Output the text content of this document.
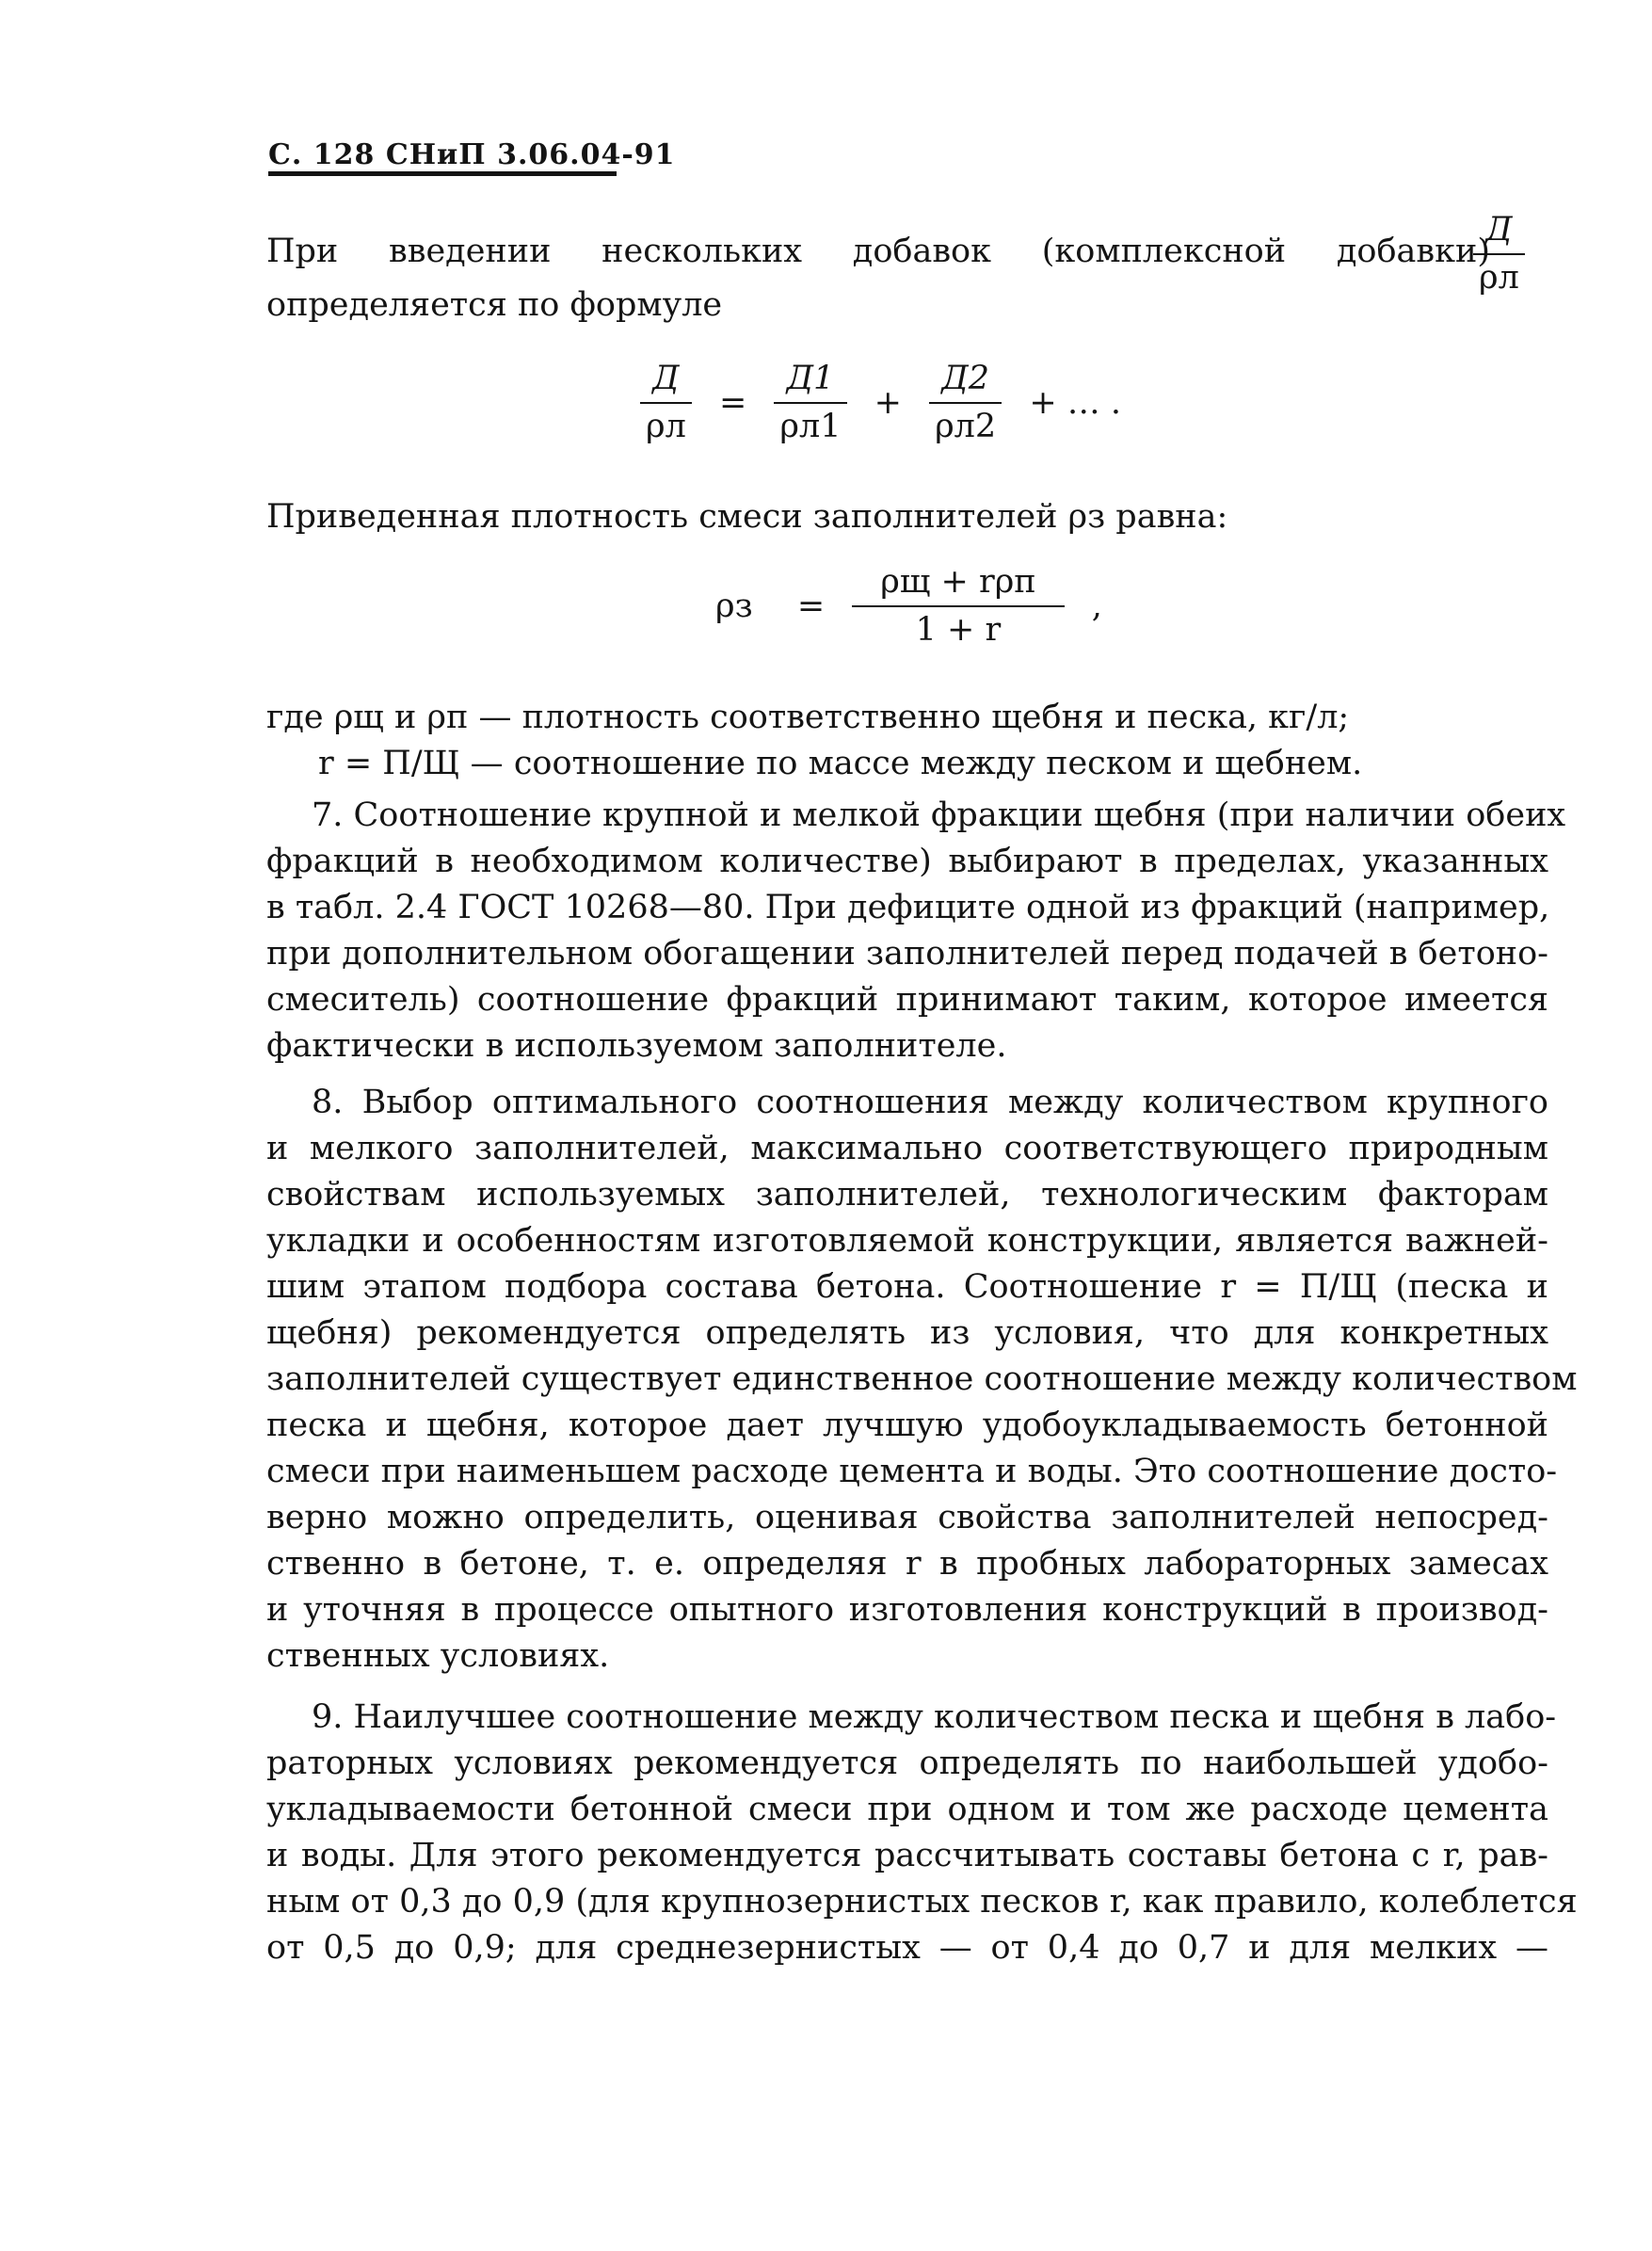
С. 128 СНиП 3.06.04-91
При введении нескольких добавок (комплексной добавки)
$\frac{Д}{\rho л}$
определяется по формуле
$\frac{Д}{\rho л} = \frac{Д1}{\rho л1} + \frac{Д2}{\rho л2}$ + … .
Приведенная плотность смеси заполнителей ρз равна:
$\rho з = \frac{\text{ρщ + rρп}}{1 + r}$ ,
где ρщ и ρп — плотность соответственно щебня и песка, кг/л;
r = П/Щ — соотношение по массе между песком и щебнем.
7. Соотношение крупной и мелкой фракции щебня (при наличии обеих
фракций в необходимом количестве) выбирают в пределах, указанных
в табл. 2.4 ГОСТ 10268—80. При дефиците одной из фракций (например,
при дополнительном обогащении заполнителей перед подачей в бетоно-
смеситель) соотношение фракций принимают таким, которое имеется
фактически в используемом заполнителе.
8. Выбор оптимального соотношения между количеством крупного
и мелкого заполнителей, максимально соответствующего природным
свойствам используемых заполнителей, технологическим факторам
укладки и особенностям изготовляемой конструкции, является важней-
шим этапом подбора состава бетона. Соотношение r = П/Щ (песка и
щебня) рекомендуется определять из условия, что для конкретных
заполнителей существует единственное соотношение между количеством
песка и щебня, которое дает лучшую удобоукладываемость бетонной
смеси при наименьшем расходе цемента и воды. Это соотношение досто-
верно можно определить, оценивая свойства заполнителей непосред-
ственно в бетоне, т. е. определяя r в пробных лабораторных замесах
и уточняя в процессе опытного изготовления конструкций в производ-
ственных условиях.
9. Наилучшее соотношение между количеством песка и щебня в лабо-
раторных условиях рекомендуется определять по наибольшей удобо-
укладываемости бетонной смеси при одном и том же расходе цемента
и воды. Для этого рекомендуется рассчитывать составы бетона с r, рав-
ным от 0,3 до 0,9 (для крупнозернистых песков r, как правило, колеблется
от 0,5 до 0,9; для среднезернистых — от 0,4 до 0,7 и для мелких —
